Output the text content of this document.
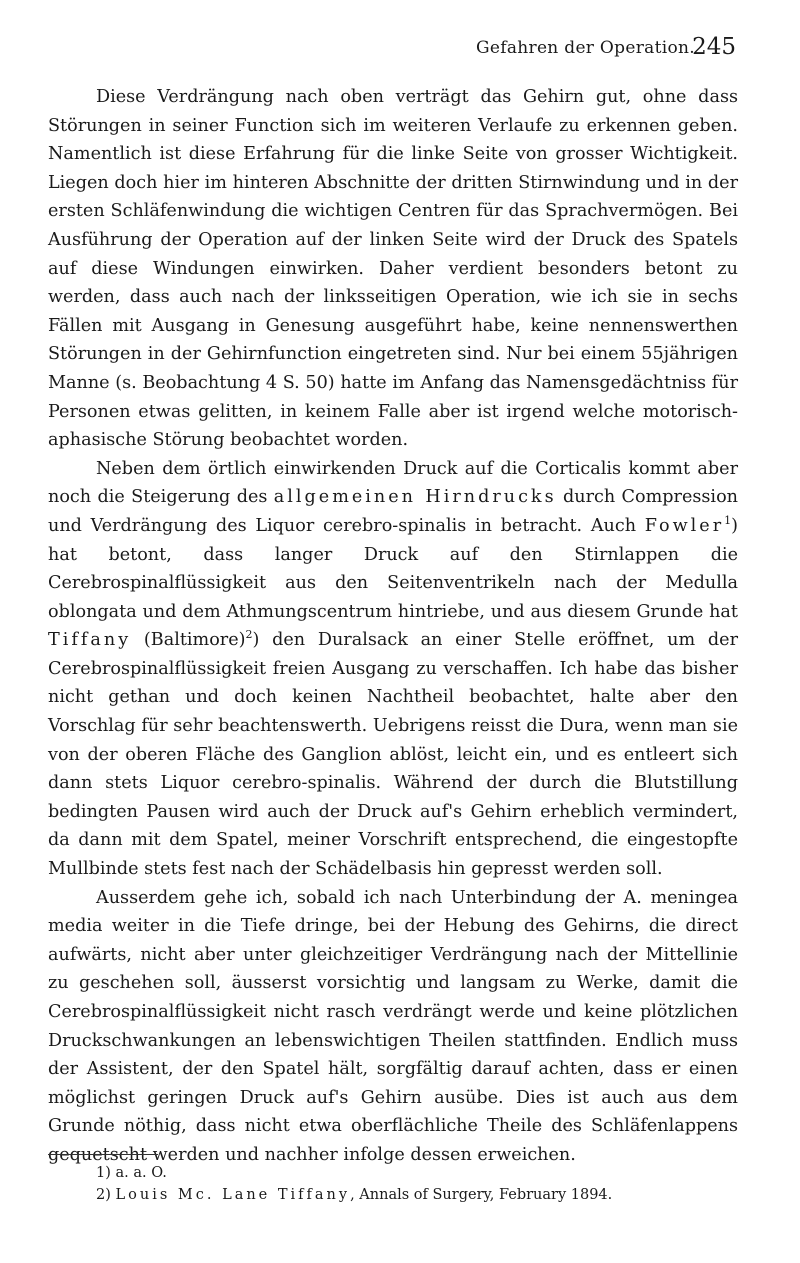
Gefahren der Operation.
245

Diese Verdrängung nach oben verträgt das Gehirn gut, ohne dass Störungen in seiner Function sich im weiteren Verlaufe zu erkennen geben. Namentlich ist diese Erfahrung für die linke Seite von grosser Wichtigkeit. Liegen doch hier im hinteren Abschnitte der dritten Stirnwindung und in der ersten Schläfenwindung die wichtigen Centren für das Sprachvermögen. Bei Ausführung der Operation auf der linken Seite wird der Druck des Spatels auf diese Windungen einwirken. Daher verdient besonders betont zu werden, dass auch nach der linksseitigen Operation, wie ich sie in sechs Fällen mit Ausgang in Genesung ausgeführt habe, keine nennenswerthen Störungen in der Gehirnfunction eingetreten sind. Nur bei einem 55jährigen Manne (s. Beobachtung 4 S. 50) hatte im Anfang das Namensgedächtniss für Personen etwas gelitten, in keinem Falle aber ist irgend welche motorisch-aphasische Störung beobachtet worden.

Neben dem örtlich einwirkenden Druck auf die Corticalis kommt aber noch die Steigerung des allgemeinen Hirndrucks durch Compression und Verdrängung des Liquor cerebro-spinalis in betracht. Auch Fowler$^1$) hat betont, dass langer Druck auf den Stirnlappen die Cerebrospinalflüssigkeit aus den Seitenventrikeln nach der Medulla oblongata und dem Athmungscentrum hintriebe, und aus diesem Grunde hat Tiffany (Baltimore)$^2$) den Duralsack an einer Stelle eröffnet, um der Cerebrospinalflüssigkeit freien Ausgang zu verschaffen. Ich habe das bisher nicht gethan und doch keinen Nachtheil beobachtet, halte aber den Vorschlag für sehr beachtenswerth. Uebrigens reisst die Dura, wenn man sie von der oberen Fläche des Ganglion ablöst, leicht ein, und es entleert sich dann stets Liquor cerebro-spinalis. Während der durch die Blutstillung bedingten Pausen wird auch der Druck auf's Gehirn erheblich vermindert, da dann mit dem Spatel, meiner Vorschrift entsprechend, die eingestopfte Mullbinde stets fest nach der Schädelbasis hin gepresst werden soll.

Ausserdem gehe ich, sobald ich nach Unterbindung der A. meningea media weiter in die Tiefe dringe, bei der Hebung des Gehirns, die direct aufwärts, nicht aber unter gleichzeitiger Verdrängung nach der Mittellinie zu geschehen soll, äusserst vorsichtig und langsam zu Werke, damit die Cerebrospinalflüssigkeit nicht rasch verdrängt werde und keine plötzlichen Druckschwankungen an lebenswichtigen Theilen stattfinden. Endlich muss der Assistent, der den Spatel hält, sorgfältig darauf achten, dass er einen möglichst geringen Druck auf's Gehirn ausübe. Dies ist auch aus dem Grunde nöthig, dass nicht etwa oberflächliche Theile des Schläfenlappens gequetscht werden und nachher infolge dessen erweichen.

1) a. a. O.
2) Louis Mc. Lane Tiffany, Annals of Surgery, February 1894.
